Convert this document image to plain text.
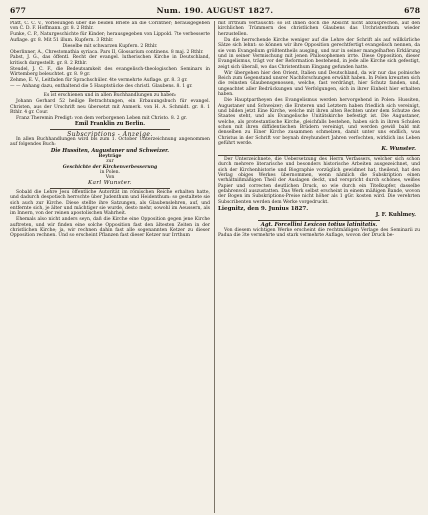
677	Num. 190. AUGUST 1827.	678
Platt, C. C. v., Vorlesungen über die beiden Briefe an die Corinther; herausgegeben von C. D. F. Hoffmann. gr. 8. 2 Rthlr.
Funke, C. P., Naturgeschichte für Kinder; herausgegeben von Lippold. 7te verbesserte Auflage. gr. 8. Mit 51 illum. Kupfern. 3 Rthlr.
Dieselbe mit schwarzen Kupfern. 2 Rthlr.
Oberlinner, A., Chrestomathia syriaca. Pars II, Glossarium continens. 8 maj. 2 Rthlr.
Pabst, J. G., das öffentl. Recht der evangel. lutherischen Kirche in Deutschland, kritisch dargestellt. gr. 8. 2 Rthlr.
Steudel, J. C. F., die Bedeutsamkeit des evangelisch-theologischen Seminars in Wirtemberg beleuchtet. gr. 8. 9 gr.
Zehme, E. V., Leitfaden für Sprachschüler. 4te vermehrte Auflage. gr. 8. 3 gr.
— — Anhang dazu, enthaltend die 5 Hauptstücke des christl. Glaubens. 8. 1 gr.
Es ist erschienen und in allen Buchhandlungen zu haben:
Johann Gerhard 52 heilige Betrachtungen, ein Erbauungsbuch für evangel. Christen, aus der Urschrift neu übersetzt mit Anmerk. von H. A. Schmidt. gr. 8. 1 Rthlr. 4 gr. Cour.
Franz Theremin Predigt: von dem verborgenen Leben mit Christo. 8. 2 gr.
Emil Franklin zu Berlin.
Subscriptions - Anzeige.
In allen Buchhandlungen wird bis zum 1. October Unterzeichnung angenommen auf folgendes Buch:
Die Hussiten, Augustaner und Schweizer.
Beyträge
zur
Geschichte der Kirchenverbesserung
in Polen.
Von
Karl Wunster.
Sobald die Lehre Jesu öffentliche Autorität im römischen Reiche erhalten hatte, und dadurch despotisch herrschte über Judenthum und Heidenthum: so gestaltete sie sich auch zur Kirche. Diese stellte ihre Satzungen, als Glaubenslehren, auf, und entfernte sich, je älter und mächtiger sie wurde, desto mehr, sowohl im Aeussern, als im Innern, von der reinen apostolischen Wahrheit.
Ehemals also nicht anders seyn, daß die Kirche eine Opposition gegen jene Kirche auftreten, und wir finden eine solche Opposition fast den ältesten Zeiten in der christlichen Kirche; ja, wir rechnen dahin fast alle sogenannten Ketzer zu dieser Opposition rechnen. Und so erscheint Pflanzen fast dieser Ketzer nur Irrthum
mit Irrthum vertauscht: so ist ihnen doch die Absicht nicht abzusprechen, auf den kirchlichen Trümmern des christlichen Glaubens das Urchristenthum wieder herzustellen.
Da die herrschende Kirche weniger auf die Lehre der Schrift als auf willkürliche Sätze sich lehnt: so können wir ihre Opposition gerechtfertigt evangelisch nennen, da sie vom Evangelium größtentheils ausging, und nur in seiner mangelhaften Erklärung und in seiner Vermischung mit jenen Philosophemen irrte. Diese Opposition, dieser Evangelismus, trägt vor der Reformation bestehend, in jede alle Kirche sich gefestigt, zeigt sich überall, wo das Christenthum Eingang gefunden hatte.
Wir übergehen hier den Orient, Italien und Deutschland, da wir nur das polnische Reich zum Gegenstand unsrer Nachforschungen erwählt haben. In Polen kreuzten sich die reinsten Glaubensgenossen, welche, fast verdrängt, hier Schutz fanden, und, ungeachtet aller Bedrückungen und Verfolgungen, sich in ihrer Einheit hier erhalten haben.
Die Hauptpartheyen des Evangelismus werden hervorgehend in Polen: Hussiten, Augustaner und Schweizer; die Ersteren und Letztern haben friedlich sich vereinigt, und bilden jetzt Eine Kirche, welche mit ihren alten Rechten unter dem Schutze des Staates steht, und als Evangelische Unitätskirche befestigt ist. Die Augustaner, welche, als protestantische Kirche, gleichfalls bestehen, haben sich in ihren Schulen schon mit ihren diffidentischen Brüdern vereinigt, und werden gewiß bald mit denselben zu Einer Kirche zusammen schmelzen, damit unter uns endlich, was Christus in der Schrift vor beynah dreyhundert Jahren verfochten, wirklich ins Leben geführt werde.
K. Wunster.
Der Unterzeichnete, die Uebersetzung des Herrn Verfassers, welcher sich schon durch mehrere literarische und besonders historische Arbeiten ausgezeichnet, und sich der Kirchenhistorie und Biographie vorzüglich gewidmet hat, theilend, hat den Verlag obiges Werkes übernommen, wenn nämlich die Subskription einen verhältnißmäßigen Theil der Auslagen deckt, und verspricht durch schönes, weißes Papier und correcten deutlichen Druck, so wie durch ein Titelkupfer, dasselbe gefahrenvoll auszustatten. Das Werk selbst erscheint in einem mäßigen Bande, wovon der Bogen im Subskriptions-Preise nicht höher als 1 gGr. kosten wird. Die verehrten Subscribenten werden dem Werke vorgedruckt.
Liegnitz, den 9. Junius 1827.
J. F. Kuhlmey.
Agt. Forcellini Lexicon totius latinitatis.
Von diesem wichtigen Werke erscheint die rechtmäßigen Verlage des Seminarii zu Padua die 3te vermehrte und stark vermehrte Auflage, wovon der Druck be-
